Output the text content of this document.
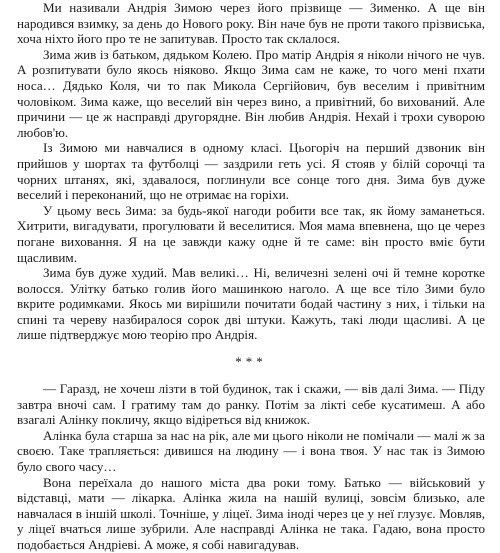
Ми називали Андрія Зимою через його прізвище — Зименко. А ще він народився взимку, за день до Нового року. Він наче був не проти такого прізвиська, хоча ніхто його про те не запитував. Просто так склалося.

Зима жив із батьком, дядьком Колею. Про матір Андрія я ніколи нічого не чув. А розпитувати було якось ніяково. Якщо Зима сам не каже, то чого мені пхати носа… Дядько Коля, чи то пак Микола Сергійович, був веселим і привітним чоловіком. Зима каже, що веселий він через вино, а привітний, бо вихований. Але причини — це ж насправді другорядне. Він любив Андрія. Нехай і трохи суворою любов'ю.

Із Зимою ми навчалися в одному класі. Цьогоріч на перший дзвоник він прийшов у шортах та футболці — заздрили геть усі. Я стояв у білій сорочці та чорних штанях, які, здавалося, поглинули все сонце того дня. Зима був дуже веселий і переконаний, що не отримає на горіхи.

У цьому весь Зима: за будь-якої нагоди робити все так, як йому заманеться. Хитрити, вигадувати, прогулювати й веселитися. Моя мама впевнена, що це через погане виховання. Я на це завжди кажу одне й те саме: він просто вміє бути щасливим.

Зима був дуже худий. Мав великі… Ні, величезні зелені очі й темне коротке волосся. Улітку батько голив його машинкою наголо. А ще все тіло Зими було вкрите родимками. Якось ми вирішили почитати бодай частину з них, і тільки на спині та череву назбиралося сорок дві штуки. Кажуть, такі люди щасливі. А це лише підтверджує мою теорію про Андрія.

***

— Гаразд, не хочеш лізти в той будинок, так і скажи, — вів далі Зима. — Піду завтра вночі сам. І гратиму там до ранку. Потім за лікті себе кусатимеш. А або взагалі Алінку покличу, якщо відіреться від книжок.

Алінка була старша за нас на рік, але ми цього ніколи не помічали — малі ж за своєю. Таке трапляється: дивишся на людину — і вона твоя. У нас так із Зимою було свого часу…

Вона переїхала до нашого міста два роки тому. Батько — військовий у відставці, мати — лікарка. Алінка жила на нашій вулиці, зовсім близько, але навчалася в іншій школі. Точніше, у ліцеї. Зима іноді через це у неї глузує. Мовляв, у ліцеї вчаться лише зубрили. Але насправді Алінка не така. Гадаю, вона просто подобається Андріеві. А може, я собі навигадував.
